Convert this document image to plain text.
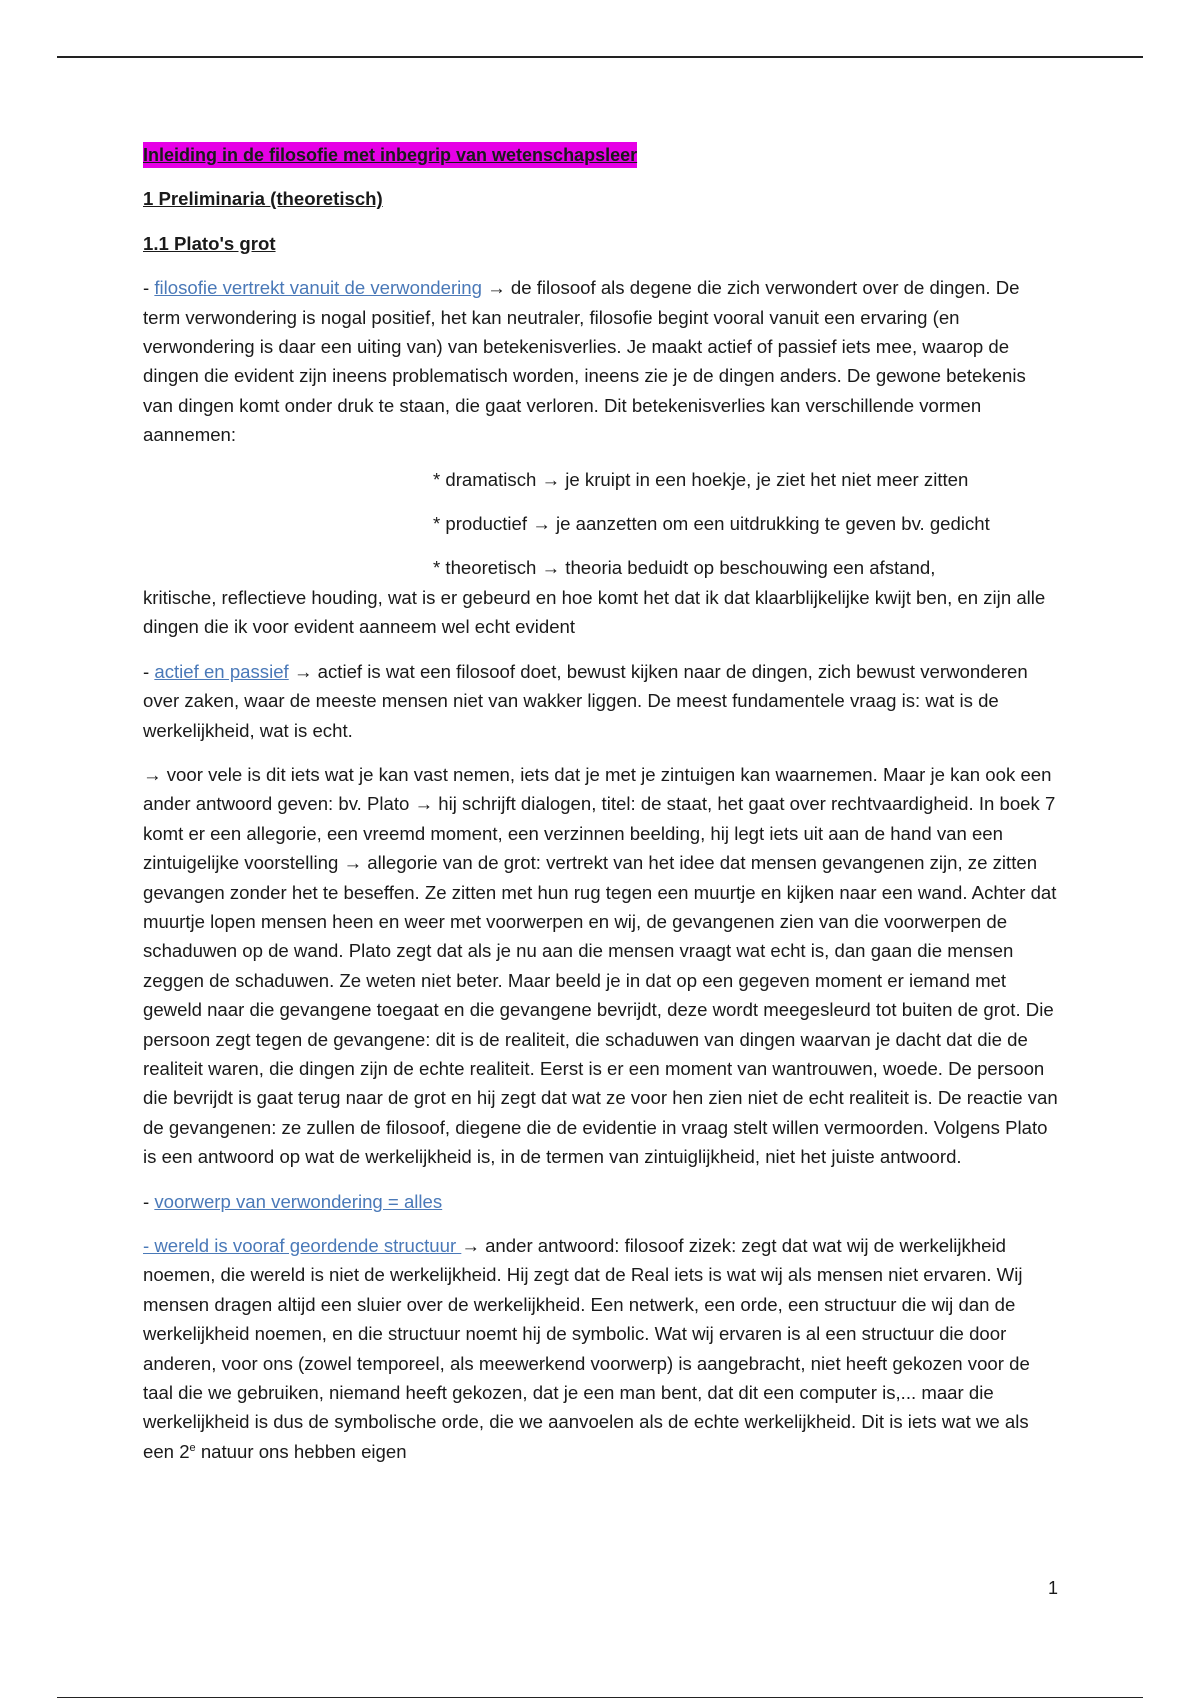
Inleiding in de filosofie met inbegrip van wetenschapsleer

1 Preliminaria (theoretisch)

1.1 Plato's grot

- filosofie vertrekt vanuit de verwondering → de filosoof als degene die zich verwondert over de dingen. De term verwondering is nogal positief, het kan neutraler, filosofie begint vooral vanuit een ervaring (en verwondering is daar een uiting van) van betekenisverlies. Je maakt actief of passief iets mee, waarop de dingen die evident zijn ineens problematisch worden, ineens zie je de dingen anders. De gewone betekenis van dingen komt onder druk te staan, die gaat verloren. Dit betekenisverlies kan verschillende vormen aannemen:

* dramatisch → je kruipt in een hoekje, je ziet het niet meer zitten
* productief → je aanzetten om een uitdrukking te geven bv. gedicht
* theoretisch → theoria beduidt op beschouwing een afstand,

kritische, reflectieve houding, wat is er gebeurd en hoe komt het dat ik dat klaarblijkelijke kwijt ben, en zijn alle dingen die ik voor evident aanneem wel echt evident

- actief en passief → actief is wat een filosoof doet, bewust kijken naar de dingen, zich bewust verwonderen over zaken, waar de meeste mensen niet van wakker liggen. De meest fundamentele vraag is: wat is de werkelijkheid, wat is echt.

→ voor vele is dit iets wat je kan vast nemen, iets dat je met je zintuigen kan waarnemen. Maar je kan ook een ander antwoord geven: bv. Plato → hij schrijft dialogen, titel: de staat, het gaat over rechtvaardigheid. In boek 7 komt er een allegorie, een vreemd moment, een verzinnen beelding, hij legt iets uit aan de hand van een zintuigelijke voorstelling → allegorie van de grot: vertrekt van het idee dat mensen gevangenen zijn, ze zitten gevangen zonder het te beseffen. Ze zitten met hun rug tegen een muurtje en kijken naar een wand. Achter dat muurtje lopen mensen heen en weer met voorwerpen en wij, de gevangenen zien van die voorwerpen de schaduwen op de wand. Plato zegt dat als je nu aan die mensen vraagt wat echt is, dan gaan die mensen zeggen de schaduwen. Ze weten niet beter. Maar beeld je in dat op een gegeven moment er iemand met geweld naar die gevangene toegaat en die gevangene bevrijdt, deze wordt meegesleurd tot buiten de grot. Die persoon zegt tegen de gevangene: dit is de realiteit, die schaduwen van dingen waarvan je dacht dat die de realiteit waren, die dingen zijn de echte realiteit. Eerst is er een moment van wantrouwen, woede. De persoon die bevrijdt is gaat terug naar de grot en hij zegt dat wat ze voor hen zien niet de echt realiteit is. De reactie van de gevangenen: ze zullen de filosoof, diegene die de evidentie in vraag stelt willen vermoorden. Volgens Plato is een antwoord op wat de werkelijkheid is, in de termen van zintuiglijkheid, niet het juiste antwoord.

- voorwerp van verwondering = alles

- wereld is vooraf geordende structuur → ander antwoord: filosoof zizek: zegt dat wat wij de werkelijkheid noemen, die wereld is niet de werkelijkheid. Hij zegt dat de Real iets is wat wij als mensen niet ervaren. Wij mensen dragen altijd een sluier over de werkelijkheid. Een netwerk, een orde, een structuur die wij dan de werkelijkheid noemen, en die structuur noemt hij de symbolic. Wat wij ervaren is al een structuur die door anderen, voor ons (zowel temporeel, als meewerkend voorwerp) is aangebracht, niet heeft gekozen voor de taal die we gebruiken, niemand heeft gekozen, dat je een man bent, dat dit een computer is,... maar die werkelijkheid is dus de symbolische orde, die we aanvoelen als de echte werkelijkheid. Dit is iets wat we als een 2e natuur ons hebben eigen

1
